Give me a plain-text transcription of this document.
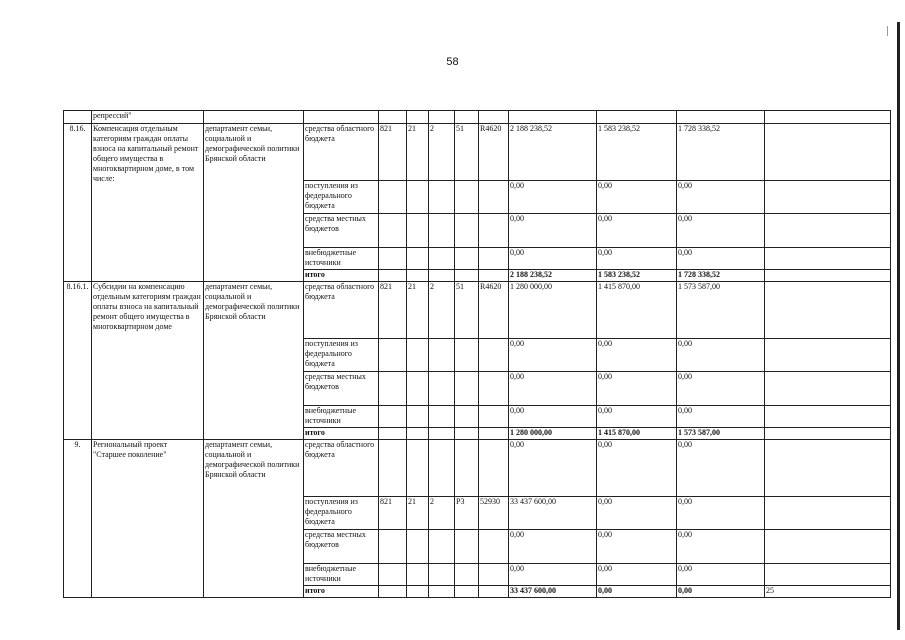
58
	репрессий"											
8.16.	Компенсация отдельным категориям граждан оплаты взноса на капитальный ремонт общего имущества в многоквартирном доме, в том числе:	департамент семьи, социальной и демографической политики Брянской области	средства областного бюджета	821	21	2	51	R4620	2 188 238,52	1 583 238,52	1 728 338,52	
			поступления из федерального бюджета						0,00	0,00	0,00	
			средства местных бюджетов						0,00	0,00	0,00	
			внебюджетные источники						0,00	0,00	0,00	
			итого						2 188 238,52	1 583 238,52	1 728 338,52	
8.16.1.	Субсидии на компенсацию отдельным категориям граждан оплаты взноса на капитальный ремонт общего имущества в многоквартирном доме	департамент семьи, социальной и демографической политики Брянской области	средства областного бюджета	821	21	2	51	R4620	1 280 000,00	1 415 870,00	1 573 587,00	
			поступления из федерального бюджета						0,00	0,00	0,00	
			средства местных бюджетов						0,00	0,00	0,00	
			внебюджетные источники						0,00	0,00	0,00	
			итого						1 280 000,00	1 415 870,00	1 573 587,00	
9.	Региональный проект "Старшее поколение"	департамент семьи, социальной и демографической политики Брянской области	средства областного бюджета						0,00	0,00	0,00	
			поступления из федерального бюджета	821	21	2	P3	52930	33 437 600,00	0,00	0,00	
			средства местных бюджетов						0,00	0,00	0,00	
			внебюджетные источники						0,00	0,00	0,00	
			итого						33 437 600,00	0,00	0,00	25
